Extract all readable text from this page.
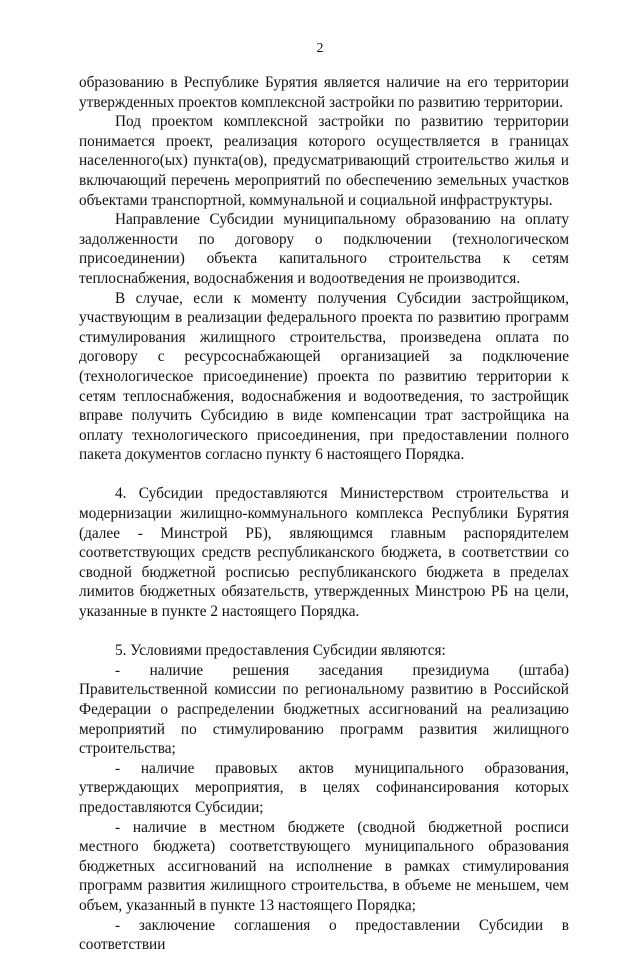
2

образованию в Республике Бурятия является наличие на его территории утвержденных проектов комплексной застройки по развитию территории.

Под проектом комплексной застройки по развитию территории понимается проект, реализация которого осуществляется в границах населенного(ых) пункта(ов), предусматривающий строительство жилья и включающий перечень мероприятий по обеспечению земельных участков объектами транспортной, коммунальной и социальной инфраструктуры.

Направление Субсидии муниципальному образованию на оплату задолженности по договору о подключении (технологическом присоединении) объекта капитального строительства к сетям теплоснабжения, водоснабжения и водоотведения не производится.

В случае, если к моменту получения Субсидии застройщиком, участвующим в реализации федерального проекта по развитию программ стимулирования жилищного строительства, произведена оплата по договору с ресурсоснабжающей организацией за подключение (технологическое присоединение) проекта по развитию территории к сетям теплоснабжения, водоснабжения и водоотведения, то застройщик вправе получить Субсидию в виде компенсации трат застройщика на оплату технологического присоединения, при предоставлении полного пакета документов согласно пункту 6 настоящего Порядка.

4. Субсидии предоставляются Министерством строительства и модернизации жилищно-коммунального комплекса Республики Бурятия (далее - Минстрой РБ), являющимся главным распорядителем соответствующих средств республиканского бюджета, в соответствии со сводной бюджетной росписью республиканского бюджета в пределах лимитов бюджетных обязательств, утвержденных Минстрою РБ на цели, указанные в пункте 2 настоящего Порядка.

5. Условиями предоставления Субсидии являются:

- наличие решения заседания президиума (штаба) Правительственной комиссии по региональному развитию в Российской Федерации о распределении бюджетных ассигнований на реализацию мероприятий по стимулированию программ развития жилищного строительства;

- наличие правовых актов муниципального образования, утверждающих мероприятия, в целях софинансирования которых предоставляются Субсидии;

- наличие в местном бюджете (сводной бюджетной росписи местного бюджета) соответствующего муниципального образования бюджетных ассигнований на исполнение в рамках стимулирования программ развития жилищного строительства, в объеме не меньшем, чем объем, указанный в пункте 13 настоящего Порядка;

- заключение соглашения о предоставлении Субсидии в соответствии
